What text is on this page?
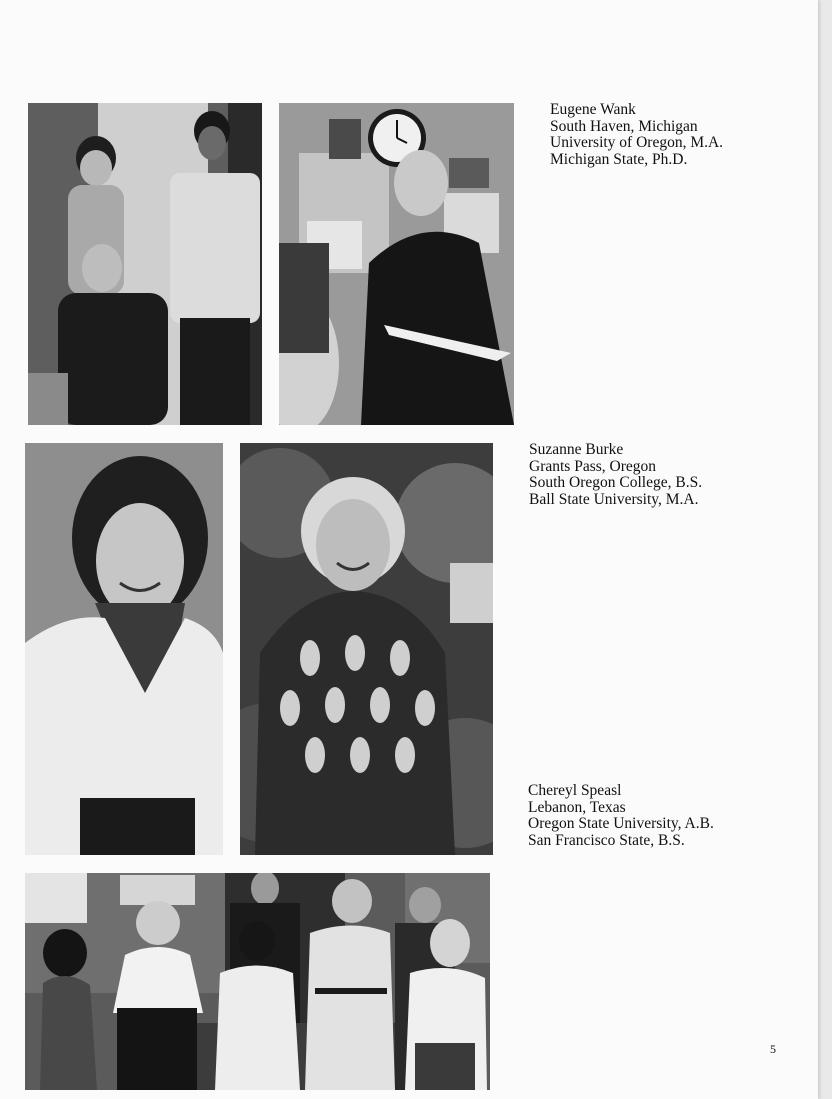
Eugene Wank
South Haven, Michigan
University of Oregon, M.A.
Michigan State, Ph.D.
Suzanne Burke
Grants Pass, Oregon
South Oregon College, B.S.
Ball State University, M.A.
Chereyl Speasl
Lebanon, Texas
Oregon State University, A.B.
San Francisco State, B.S.
5
